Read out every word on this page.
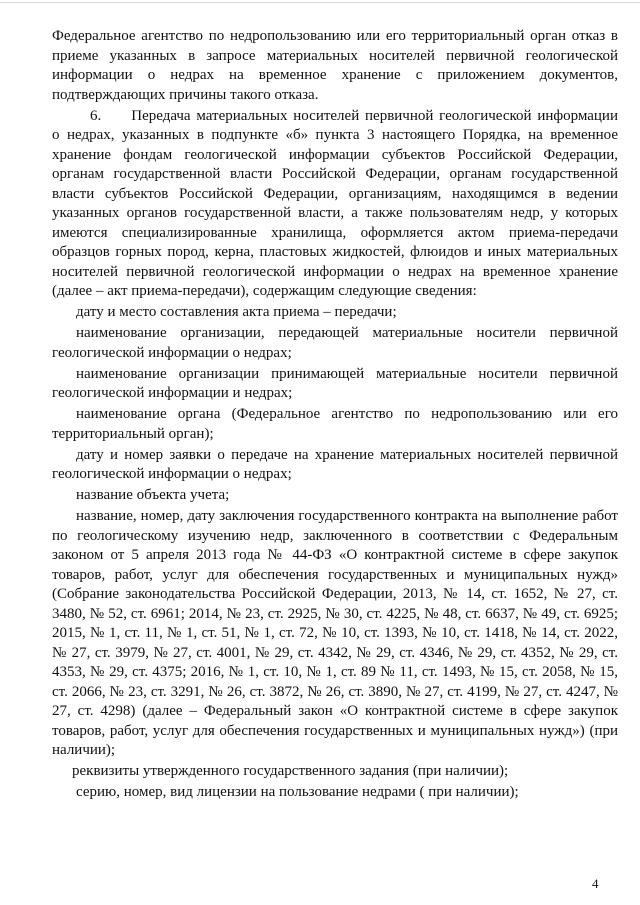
Федеральное агентство по недропользованию или его территориальный орган отказ в приеме указанных в запросе материальных носителей первичной геологической информации о недрах на временное хранение с приложением документов, подтверждающих причины такого отказа.

6. Передача материальных носителей первичной геологической информации о недрах, указанных в подпункте «б» пункта 3 настоящего Порядка, на временное хранение фондам геологической информации субъектов Российской Федерации, органам государственной власти Российской Федерации, органам государственной власти субъектов Российской Федерации, организациям, находящимся в ведении указанных органов государственной власти, а также пользователям недр, у которых имеются специализированные хранилища, оформляется актом приема-передачи образцов горных пород, керна, пластовых жидкостей, флюидов и иных материальных носителей первичной геологической информации о недрах на временное хранение (далее – акт приема-передачи), содержащим следующие сведения:

дату и место составления акта приема – передачи;

наименование организации, передающей материальные носители первичной геологической информации о недрах;

наименование организации принимающей материальные носители первичной геологической информации и недрах;

наименование органа (Федеральное агентство по недропользованию или его территориальный орган);

дату и номер заявки о передаче на хранение материальных носителей первичной геологической информации о недрах;

название объекта учета;

название, номер, дату заключения государственного контракта на выполнение работ по геологическому изучению недр, заключенного в соответствии с Федеральным законом от 5 апреля 2013 года № 44-ФЗ «О контрактной системе в сфере закупок товаров, работ, услуг для обеспечения государственных и муниципальных нужд» (Собрание законодательства Российской Федерации, 2013, № 14, ст. 1652, № 27, ст. 3480, № 52, ст. 6961; 2014, № 23, ст. 2925, № 30, ст. 4225, № 48, ст. 6637, № 49, ст. 6925; 2015, № 1, ст. 11, № 1, ст. 51, № 1, ст. 72, № 10, ст. 1393, № 10, ст. 1418, № 14, ст. 2022, № 27, ст. 3979, № 27, ст. 4001, № 29, ст. 4342, № 29, ст. 4346, № 29, ст. 4352, № 29, ст. 4353, № 29, ст. 4375; 2016, № 1, ст. 10, № 1, ст. 89 № 11, ст. 1493, № 15, ст. 2058, № 15, ст. 2066, № 23, ст. 3291, № 26, ст. 3872, № 26, ст. 3890, № 27, ст. 4199, № 27, ст. 4247, № 27, ст. 4298) (далее – Федеральный закон «О контрактной системе в сфере закупок товаров, работ, услуг для обеспечения государственных и муниципальных нужд») (при наличии);

реквизиты утвержденного государственного задания (при наличии);

серию, номер, вид лицензии на пользование недрами ( при наличии);

4
